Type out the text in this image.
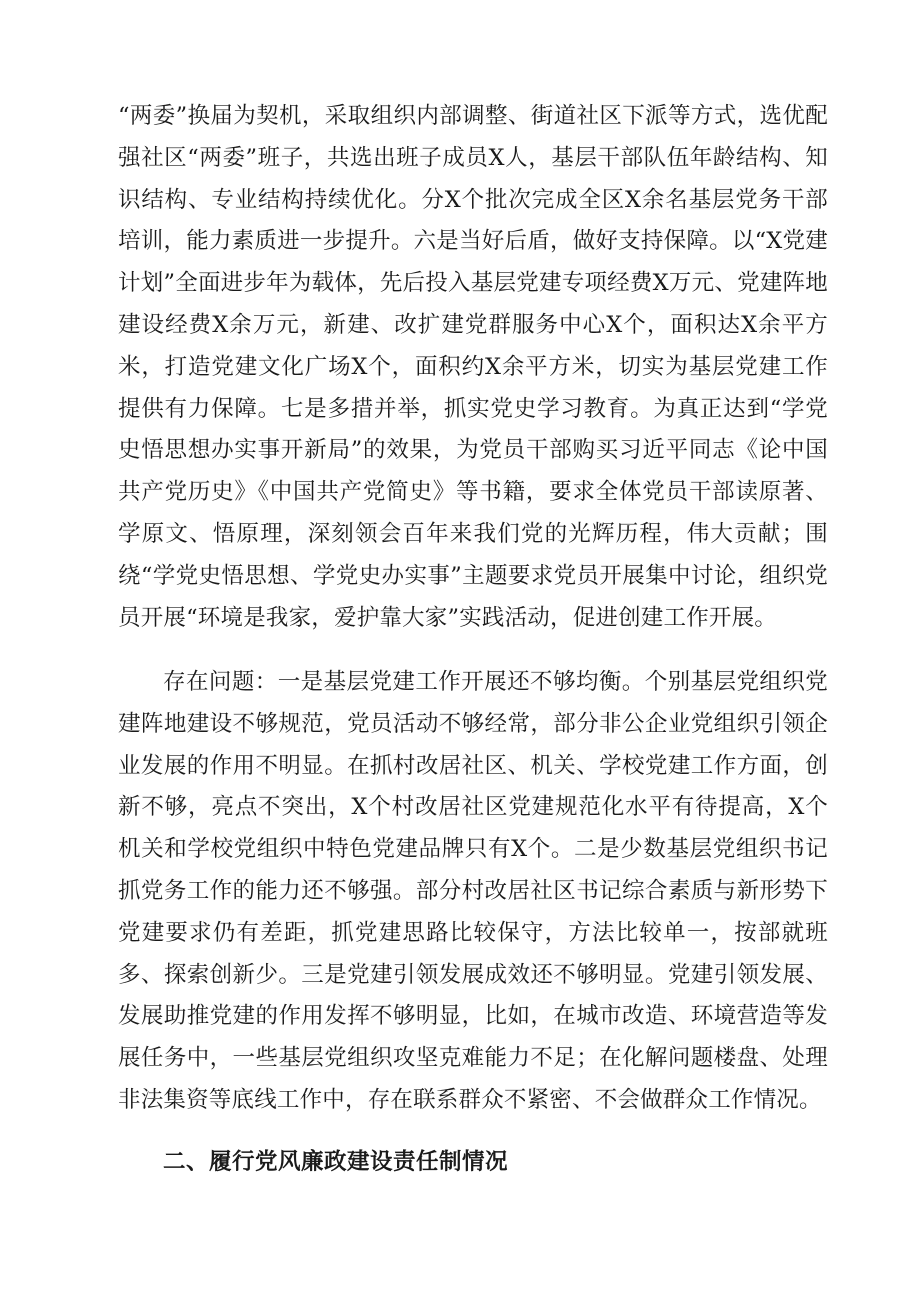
“两委”换届为契机，采取组织内部调整、街道社区下派等方式，选优配强社区“两委”班子，共选出班子成员X人，基层干部队伍年龄结构、知识结构、专业结构持续优化。分X个批次完成全区X余名基层党务干部培训，能力素质进一步提升。六是当好后盾，做好支持保障。以“X党建计划”全面进步年为载体，先后投入基层党建专项经费X万元、党建阵地建设经费X余万元，新建、改扩建党群服务中心X个，面积达X余平方米，打造党建文化广场X个，面积约X余平方米，切实为基层党建工作提供有力保障。七是多措并举，抓实党史学习教育。为真正达到“学党史悟思想办实事开新局”的效果，为党员干部购买习近平同志《论中国共产党历史》《中国共产党简史》等书籍，要求全体党员干部读原著、学原文、悟原理，深刻领会百年来我们党的光辉历程，伟大贡献；围绕“学党史悟思想、学党史办实事”主题要求党员开展集中讨论，组织党员开展“环境是我家，爱护靠大家”实践活动，促进创建工作开展。

存在问题：一是基层党建工作开展还不够均衡。个别基层党组织党建阵地建设不够规范，党员活动不够经常，部分非公企业党组织引领企业发展的作用不明显。在抓村改居社区、机关、学校党建工作方面，创新不够，亮点不突出，X个村改居社区党建规范化水平有待提高，X个机关和学校党组织中特色党建品牌只有X个。二是少数基层党组织书记抓党务工作的能力还不够强。部分村改居社区书记综合素质与新形势下党建要求仍有差距，抓党建思路比较保守，方法比较单一，按部就班多、探索创新少。三是党建引领发展成效还不够明显。党建引领发展、发展助推党建的作用发挥不够明显，比如，在城市改造、环境营造等发展任务中，一些基层党组织攻坚克难能力不足；在化解问题楼盘、处理非法集资等底线工作中，存在联系群众不紧密、不会做群众工作情况。

二、履行党风廉政建设责任制情况
